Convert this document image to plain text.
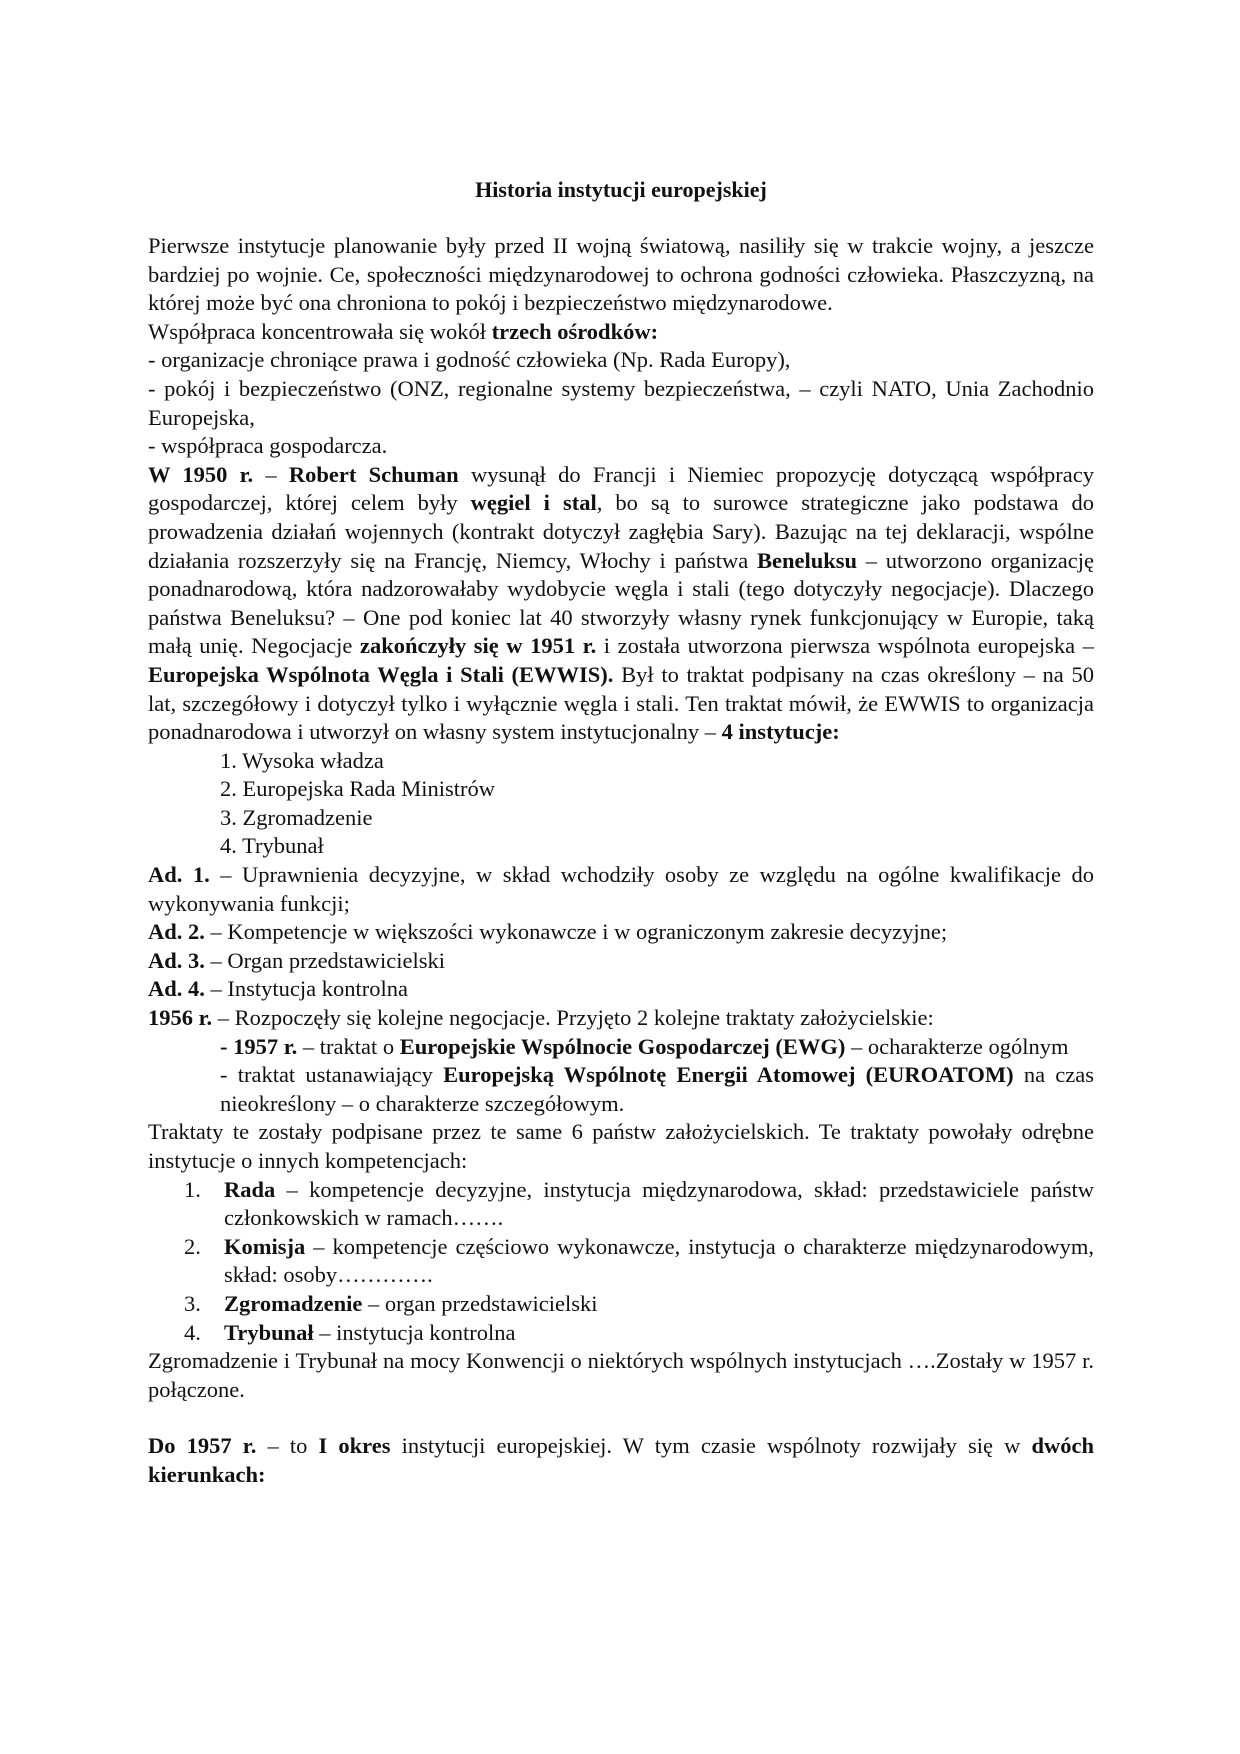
Historia instytucji europejskiej

Pierwsze instytucje planowanie były przed II wojną światową, nasiliły się w trakcie wojny, a jeszcze bardziej po wojnie. Ce, społeczności międzynarodowej to ochrona godności człowieka. Płaszczyzną, na której może być ona chroniona to pokój i bezpieczeństwo międzynarodowe.

Współpraca koncentrowała się wokół trzech ośrodków:

- organizacje chroniące prawa i godność człowieka (Np. Rada Europy),

- pokój i bezpieczeństwo (ONZ, regionalne systemy bezpieczeństwa, – czyli NATO, Unia Zachodnio Europejska,

- współpraca gospodarcza.

W 1950 r. – Robert Schuman wysunął do Francji i Niemiec propozycję dotyczącą współpracy gospodarczej, której celem były węgiel i stal, bo są to surowce strategiczne jako podstawa do prowadzenia działań wojennych (kontrakt dotyczył zagłębia Sary). Bazując na tej deklaracji, wspólne działania rozszerzyły się na Francję, Niemcy, Włochy i państwa Beneluksu – utworzono organizację ponadnarodową, która nadzorowałaby wydobycie węgla i stali (tego dotyczyły negocjacje). Dlaczego państwa Beneluksu? – One pod koniec lat 40 stworzyły własny rynek funkcjonujący w Europie, taką małą unię. Negocjacje zakończyły się w 1951 r. i została utworzona pierwsza wspólnota europejska – Europejska Wspólnota Węgla i Stali (EWWIS). Był to traktat podpisany na czas określony – na 50 lat, szczegółowy i dotyczył tylko i wyłącznie węgla i stali. Ten traktat mówił, że EWWIS to organizacja ponadnarodowa i utworzył on własny system instytucjonalny – 4 instytucje:

1. Wysoka władza
2. Europejska Rada Ministrów
3. Zgromadzenie
4. Trybunał

Ad. 1. – Uprawnienia decyzyjne, w skład wchodziły osoby ze względu na ogólne kwalifikacje do wykonywania funkcji;

Ad. 2. – Kompetencje w większości wykonawcze i w ograniczonym zakresie decyzyjne;

Ad. 3. – Organ przedstawicielski

Ad. 4. – Instytucja kontrolna

1956 r. – Rozpoczęły się kolejne negocjacje. Przyjęto 2 kolejne traktaty założycielskie:

- 1957 r. – traktat o Europejskie Wspólnocie Gospodarczej (EWG) – ocharakterze ogólnym

- traktat ustanawiający Europejską Wspólnotę Energii Atomowej (EUROATOM) na czas nieokreślony – o charakterze szczegółowym.

Traktaty te zostały podpisane przez te same 6 państw założycielskich. Te traktaty powołały odrębne instytucje o innych kompetencjach:

1. Rada – kompetencje decyzyjne, instytucja międzynarodowa, skład: przedstawiciele państw członkowskich w ramach…….
2. Komisja – kompetencje częściowo wykonawcze, instytucja o charakterze międzynarodowym, skład: osoby………….
3. Zgromadzenie – organ przedstawicielski
4. Trybunał – instytucja kontrolna

Zgromadzenie i Trybunał na mocy Konwencji o niektórych wspólnych instytucjach ….Zostały w 1957 r. połączone.

Do 1957 r. – to I okres instytucji europejskiej. W tym czasie wspólnoty rozwijały się w dwóch kierunkach:
